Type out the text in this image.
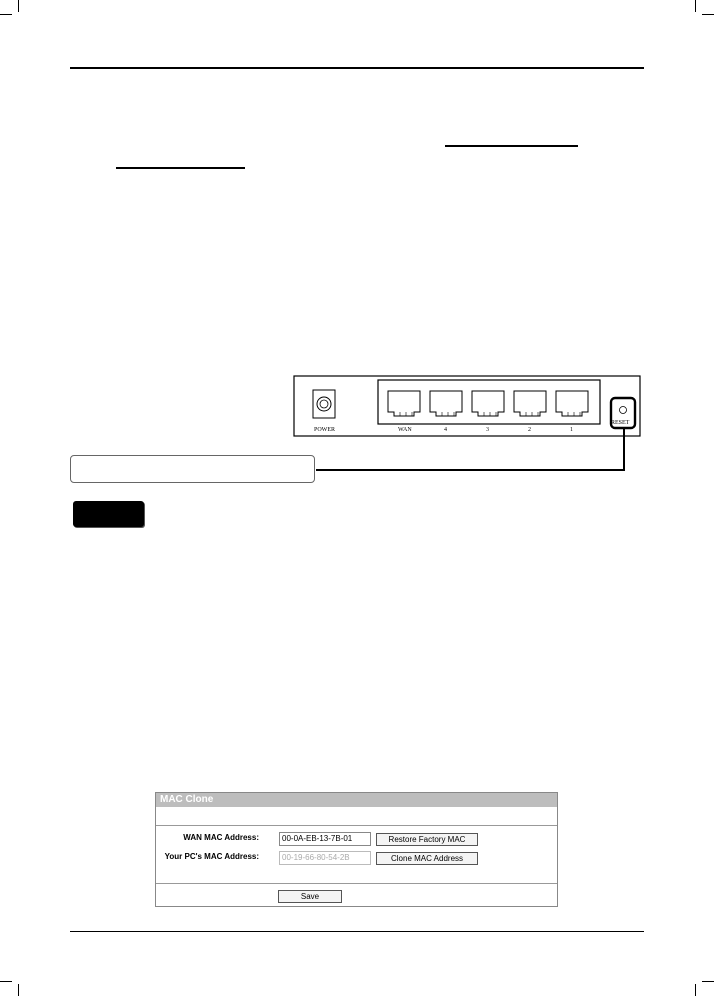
POWER	WAN	4	3	2	1
RESET
MAC Clone
WAN MAC Address:	00-0A-EB-13-7B-01	Restore Factory MAC
Your PC's MAC Address:	00-19-66-80-54-2B	Clone MAC Address
Save
